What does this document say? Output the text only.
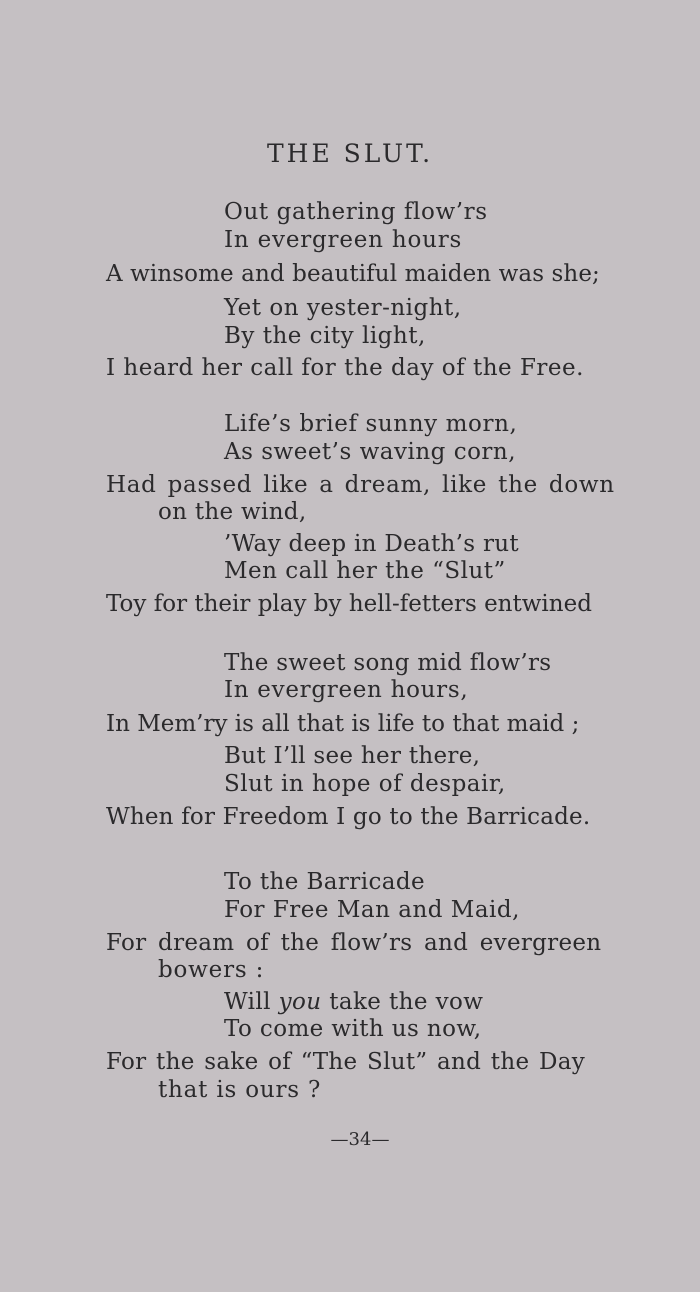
THE SLUT.

Out gathering flow’rs

In evergreen hours

A winsome and beautiful maiden was she;

Yet on yester-night,

By the city light,

I heard her call for the day of the Free.

Life’s brief sunny morn,

As sweet’s waving corn,

Had passed like a dream, like the down

on the wind,

’Way deep in Death’s rut

Men call her the “Slut”

Toy for their play by hell-fetters entwined

The sweet song mid flow’rs

In evergreen hours,

In Mem’ry is all that is life to that maid ;

But I’ll see her there,

Slut in hope of despair,

When for Freedom I go to the Barricade.

To the Barricade

For Free Man and Maid,

For dream of the flow’rs and evergreen

bowers :

Will you take the vow

To come with us now,

For the sake of “The Slut” and the Day

that is ours ?

—34—
